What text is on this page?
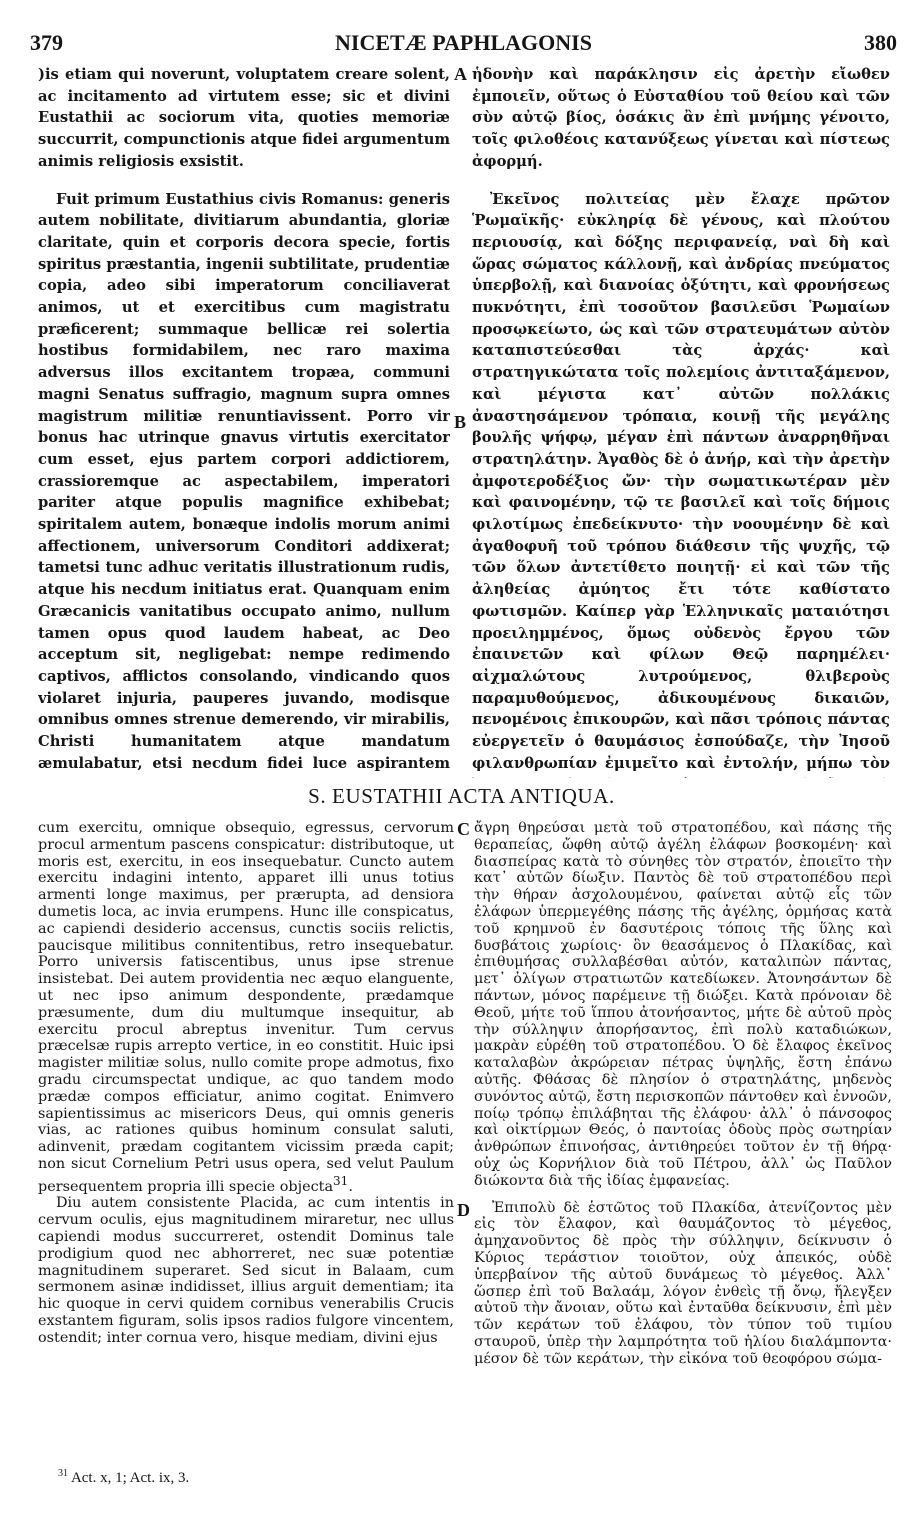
379	NICETÆ PAPHLAGONIS	380

)is etiam qui noverunt, voluptatem creare solent, ac incitamento ad virtutem esse; sic et divini Eustathii ac sociorum vita, quoties memoriæ succurrit, compunctionis atque fidei argumentum animis religiosis exsistit.

Fuit primum Eustathius civis Romanus: generis autem nobilitate, divitiarum abundantia, gloriæ claritate, quin et corporis decora specie, fortis spiritus præstantia, ingenii subtilitate, prudentiæ copia, adeo sibi imperatorum conciliaverat animos, ut et exercitibus cum magistratu præficerent; summaque bellicæ rei solertia hostibus formidabilem, nec raro maxima adversus illos excitantem tropæa, communi magni Senatus suffragio, magnum supra omnes magistrum militiæ renuntiavissent. Porro vir bonus hac utrinque gnavus virtutis exercitator cum esset, ejus partem corpori addictiorem, crassioremque ac aspectabilem, imperatori pariter atque populis magnifice exhibebat; spiritalem autem, bonæque indolis morum animi affectionem, universorum Conditori addixerat; tametsi tunc adhuc veritatis illustrationum rudis, atque his necdum initiatus erat. Quanquam enim Græcanicis vanitatibus occupato animo, nullum tamen opus quod laudem habeat, ac Deo acceptum sit, negligebat: nempe redimendo captivos, afflictos consolando, vindicando quos violaret injuria, pauperes juvando, modisque omnibus omnes strenue demerendo, vir mirabilis, Christi humanitatem atque mandatum æmulabatur, etsi necdum fidei luce aspirantem

ἡδονὴν καὶ παράκλησιν εἰς ἀρετὴν εἴωθεν ἐμποιεῖν, οὕτως ὁ Εὐσταθίου τοῦ θείου καὶ τῶν σὺν αὐτῷ βίος, ὁσάκις ἂν ἐπὶ μνήμης γένοιτο, τοῖς φιλοθέοις κατανύξεως γίνεται καὶ πίστεως ἀφορμή.

Ἐκεῖνος πολιτείας μὲν ἔλαχε πρῶτον Ῥωμαϊκῆς· εὐκληρίᾳ δὲ γένους, καὶ πλούτου περιουσίᾳ, καὶ δόξης περιφανείᾳ, ναὶ δὴ καὶ ὥρας σώματος κάλλονῇ, καὶ ἀνδρίας πνεύματος ὑπερβολῇ, καὶ διανοίας ὀξύτητι, καὶ φρονήσεως πυκνότητι, ἐπὶ τοσοῦτον βασιλεῦσι Ῥωμαίων προσῳκείωτο, ὡς καὶ τῶν στρατευμάτων αὐτὸν καταπιστεύεσθαι τὰς ἀρχάς· καὶ στρατηγικώτατα τοῖς πολεμίοις ἀντιταξάμενον, καὶ μέγιστα κατ᾽ αὐτῶν πολλάκις ἀναστησάμενον τρόπαια, κοινῇ τῆς μεγάλης βουλῆς ψήφῳ, μέγαν ἐπὶ πάντων ἀναρρηθῆναι στρατηλάτην. Ἀγαθὸς δὲ ὁ ἀνήρ, καὶ τὴν ἀρετὴν ἀμφοτεροδέξιος ὤν· τὴν σωματικωτέραν μὲν καὶ φαινομένην, τῷ τε βασιλεῖ καὶ τοῖς δήμοις φιλοτίμως ἐπεδείκνυτο· τὴν νοουμένην δὲ καὶ ἀγαθοφυῆ τοῦ τρόπου διάθεσιν τῆς ψυχῆς, τῷ τῶν ὅλων ἀντετίθετο ποιητῇ· εἰ καὶ τῶν τῆς ἀληθείας ἀμύητος ἔτι τότε καθίστατο φωτισμῶν. Καίπερ γὰρ Ἑλληνικαῖς ματαιότησι προειλημμένος, ὅμως οὐδενὸς ἔργου τῶν ἐπαινετῶν καὶ φίλων Θεῷ παρημέλει· αἰχμαλώτους λυτρούμενος, θλιβεροὺς παραμυθούμενος, ἀδικουμένους δικαιῶν, πενομένοις ἐπικουρῶν, καὶ πᾶσι τρόποις πάντας εὐεργετεῖν ὁ θαυμάσιος ἐσπούδαζε, τὴν Ἰησοῦ φιλανθρωπίαν ἐμιμεῖτο καὶ ἐντολήν, μήπω τὸν

A
B
C
D
S. EUSTATHII ACTA ANTIQUA.

cum exercitu, omnique obsequio, egressus, cervorum procul armentum pascens conspicatur: distributoque, ut moris est, exercitu, in eos insequebatur. Cuncto autem exercitu indagini intento, apparet illi unus totius armenti longe maximus, per prærupta, ad densiora dumetis loca, ac invia erumpens. Hunc ille conspicatus, ac capiendi desiderio accensus, cunctis sociis relictis, paucisque militibus connitentibus, retro insequebatur. Porro universis fatiscentibus, unus ipse strenue insistebat. Dei autem providentia nec æquo elanguente, ut nec ipso animum despondente, prædamque præsumente, dum diu multumque insequitur, ab exercitu procul abreptus invenitur. Tum cervus præcelsæ rupis arrepto vertice, in eo constitit. Huic ipsi magister militiæ solus, nullo comite prope admotus, fixo gradu circumspectat undique, ac quo tandem modo prædæ compos efficiatur, animo cogitat. Enimvero sapientissimus ac misericors Deus, qui omnis generis vias, ac rationes quibus hominum consulat saluti, adinvenit, prædam cogitantem vicissim præda capit; non sicut Cornelium Petri usus opera, sed velut Paulum persequentem propria illi specie objecta$^{31}$.

Diu autem consistente Placida, ac cum intentis in cervum oculis, ejus magnitudinem miraretur, nec ullus capiendi modus succurreret, ostendit Dominus tale prodigium quod nec abhorreret, nec suæ potentiæ magnitudinem superaret. Sed sicut in Balaam, cum sermonem asinæ indidisset, illius arguit dementiam; ita hic quoque in cervi quidem cornibus venerabilis Crucis exstantem figuram, solis ipsos radios fulgore vincentem, ostendit; inter cornua vero, hisque mediam, divini ejus

ἄγρη θηρεύσαι μετὰ τοῦ στρατοπέδου, καὶ πάσης τῆς θεραπείας, ὤφθη αὐτῷ ἀγέλη ἐλάφων βοσκομένη· καὶ διασπείρας κατὰ τὸ σύνηθες τὸν στρατόν, ἐποιεῖτο τὴν κατ᾽ αὐτῶν δίωξιν. Παντὸς δὲ τοῦ στρατοπέδου περὶ τὴν θήραν ἀσχολουμένου, φαίνεται αὐτῷ εἷς τῶν ἐλάφων ὑπερμεγέθης πάσης τῆς ἀγέλης, ὁρμήσας κατὰ τοῦ κρημνοῦ ἐν δασυτέροις τόποις τῆς ὕλης καὶ δυσβάτοις χωρίοις· ὃν θεασάμενος ὁ Πλακίδας, καὶ ἐπιθυμήσας συλλαβέσθαι αὐτόν, καταλιπὼν πάντας, μετ᾽ ὀλίγων στρατιωτῶν κατεδίωκεν. Ἀτονησάντων δὲ πάντων, μόνος παρέμεινε τῇ διώξει. Κατὰ πρόνοιαν δὲ Θεοῦ, μήτε τοῦ ἵππου ἀτονήσαντος, μήτε δὲ αὐτοῦ πρὸς τὴν σύλληψιν ἀπορήσαντος, ἐπὶ πολὺ καταδιώκων, μακρὰν εὑρέθη τοῦ στρατοπέδου. Ὁ δὲ ἔλαφος ἐκεῖνος καταλαβὼν ἀκρώρειαν πέτρας ὑψηλῆς, ἔστη ἐπάνω αὐτῆς. Φθάσας δὲ πλησίον ὁ στρατηλάτης, μηδενὸς συνόντος αὐτῷ, ἔστη περισκοπῶν πάντοθεν καὶ ἐννοῶν, ποίῳ τρόπῳ ἐπιλάβηται τῆς ἐλάφου· ἀλλ᾽ ὁ πάνσοφος καὶ οἰκτίρμων Θεός, ὁ παντοίας ὁδοὺς πρὸς σωτηρίαν ἀνθρώπων ἐπινοήσας, ἀντιθηρεύει τοῦτον ἐν τῇ θήρᾳ· οὐχ ὡς Κορνήλιον διὰ τοῦ Πέτρου, ἀλλ᾽ ὡς Παῦλον διώκοντα διὰ τῆς ἰδίας ἐμφανείας.

Ἐπιπολὺ δὲ ἑστῶτος τοῦ Πλακίδα, ἀτενίζοντος μὲν εἰς τὸν ἔλαφον, καὶ θαυμάζοντος τὸ μέγεθος, ἀμηχανοῦντος δὲ πρὸς τὴν σύλληψιν, δείκνυσιν ὁ Κύριος τεράστιον τοιοῦτον, οὐχ ἀπεικός, οὐδὲ ὑπερβαίνον τῆς αὐτοῦ δυνάμεως τὸ μέγεθος. Ἀλλ᾽ ὥσπερ ἐπὶ τοῦ Βαλαάμ, λόγον ἐνθεὶς τῇ ὄνῳ, ἤλεγξεν αὐτοῦ τὴν ἄνοιαν, οὕτω καὶ ἐνταῦθα δείκνυσιν, ἐπὶ μὲν τῶν κεράτων τοῦ ἐλάφου, τὸν τύπον τοῦ τιμίου σταυροῦ, ὑπὲρ τὴν λαμπρότητα τοῦ ἡλίου διαλάμποντα· μέσον δὲ τῶν κεράτων, τὴν εἰκόνα τοῦ θεοφόρου σώμα-

$^{31}$ Act. x, 1; Act. ix, 3.
